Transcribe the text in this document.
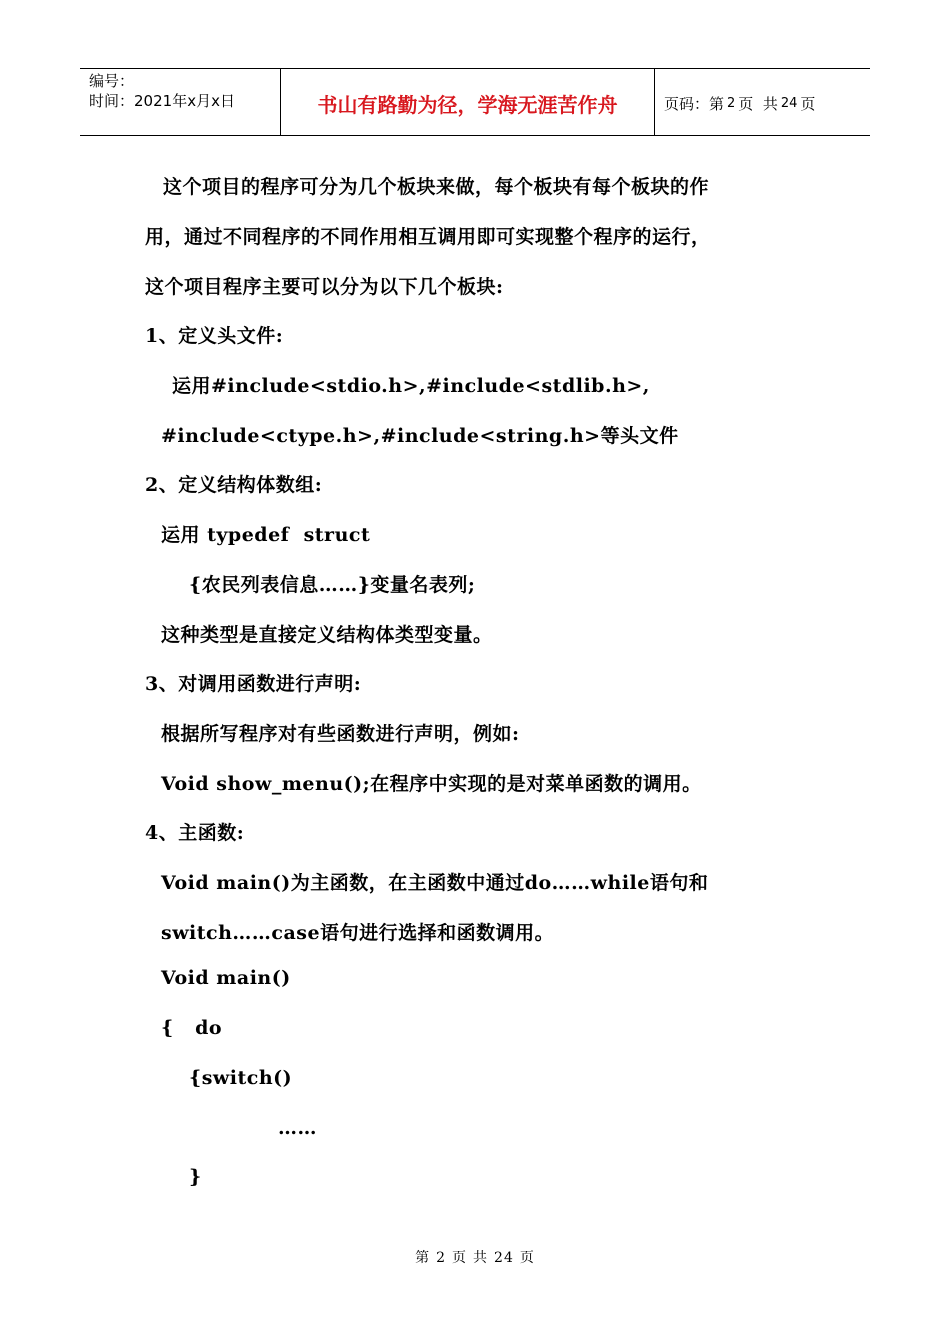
编号：
时间：2021年x月x日	书山有路勤为径，学海无涯苦作舟	页码：第 2 页  共 24 页
这个项目的程序可分为几个板块来做，每个板块有每个板块的作
用，通过不同程序的不同作用相互调用即可实现整个程序的运行，
这个项目程序主要可以分为以下几个板块:
1、定义头文件:
运用#include<stdio.h>,#include<stdlib.h>,
#include<ctype.h>,#include<string.h>等头文件
2、定义结构体数组:
运用 typedef  struct
{农民列表信息……}变量名表列;
这种类型是直接定义结构体类型变量。
3、对调用函数进行声明:
根据所写程序对有些函数进行声明，例如:
Void show_menu();在程序中实现的是对菜单函数的调用。
4、主函数:
Void main()为主函数，在主函数中通过do……while语句和
switch……case语句进行选择和函数调用。
Void main()
{   do
{switch()
……
}
第 2 页 共 24 页
